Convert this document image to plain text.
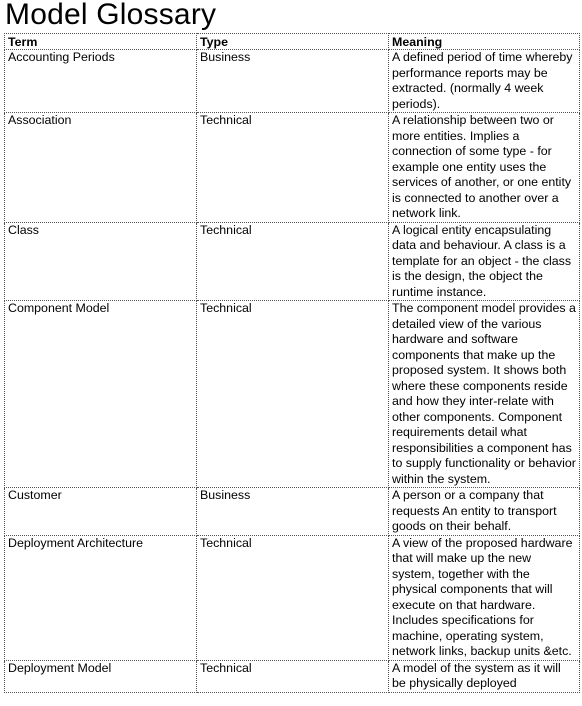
Model Glossary
Term	Type	Meaning
Accounting Periods	Business	A defined period of time whereby performance reports may be extracted. (normally 4 week periods).
Association	Technical	A relationship between two or more entities. Implies a connection of some type - for example one entity uses the services of another, or one entity is connected to another over a network link.
Class	Technical	A logical entity encapsulating data and behaviour. A class is a template for an object - the class is the design, the object the runtime instance.
Component Model	Technical	The component model provides a detailed view of the various hardware and software components that make up the proposed system. It shows both where these components reside and how they inter-relate with other components. Component requirements detail what responsibilities a component has to supply functionality or behavior within the system.
Customer	Business	A person or a company that requests An entity to transport goods on their behalf.
Deployment Architecture	Technical	A view of the proposed hardware that will make up the new system, together with the physical components that will execute on that hardware. Includes specifications for machine, operating system, network links, backup units &etc.
Deployment Model	Technical	A model of the system as it will be physically deployed
